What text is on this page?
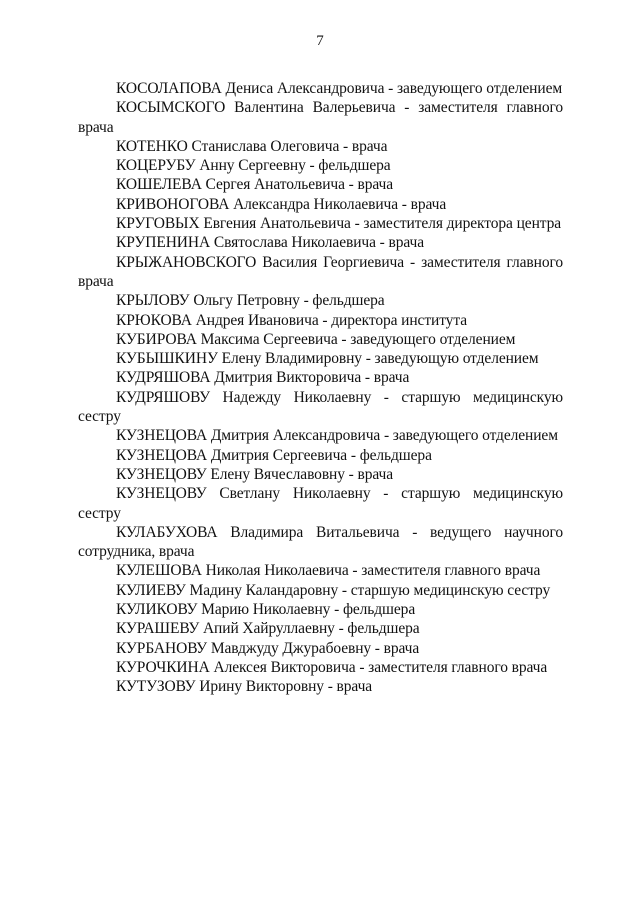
7

КОСОЛАПОВА Дениса Александровича - заведующего отделением

КОСЫМСКОГО Валентина Валерьевича - заместителя главного врача

КОТЕНКО Станислава Олеговича - врача

КОЦЕРУБУ Анну Сергеевну - фельдшера

КОШЕЛЕВА Сергея Анатольевича - врача

КРИВОНОГОВА Александра Николаевича - врача

КРУГОВЫХ Евгения Анатольевича - заместителя директора центра

КРУПЕНИНА Святослава Николаевича - врача

КРЫЖАНОВСКОГО Василия Георгиевича - заместителя главного врача

КРЫЛОВУ Ольгу Петровну - фельдшера

КРЮКОВА Андрея Ивановича - директора института

КУБИРОВА Максима Сергеевича - заведующего отделением

КУБЫШКИНУ Елену Владимировну - заведующую отделением

КУДРЯШОВА Дмитрия Викторовича - врача

КУДРЯШОВУ Надежду Николаевну - старшую медицинскую сестру

КУЗНЕЦОВА Дмитрия Александровича - заведующего отделением

КУЗНЕЦОВА Дмитрия Сергеевича - фельдшера

КУЗНЕЦОВУ Елену Вячеславовну - врача

КУЗНЕЦОВУ Светлану Николаевну - старшую медицинскую сестру

КУЛАБУХОВА Владимира Витальевича - ведущего научного сотрудника, врача

КУЛЕШОВА Николая Николаевича - заместителя главного врача

КУЛИЕВУ Мадину Каландаровну - старшую медицинскую сестру

КУЛИКОВУ Марию Николаевну - фельдшера

КУРАШЕВУ Апий Хайруллаевну - фельдшера

КУРБАНОВУ Мавджуду Джурабоевну - врача

КУРОЧКИНА Алексея Викторовича - заместителя главного врача

КУТУЗОВУ Ирину Викторовну - врача
